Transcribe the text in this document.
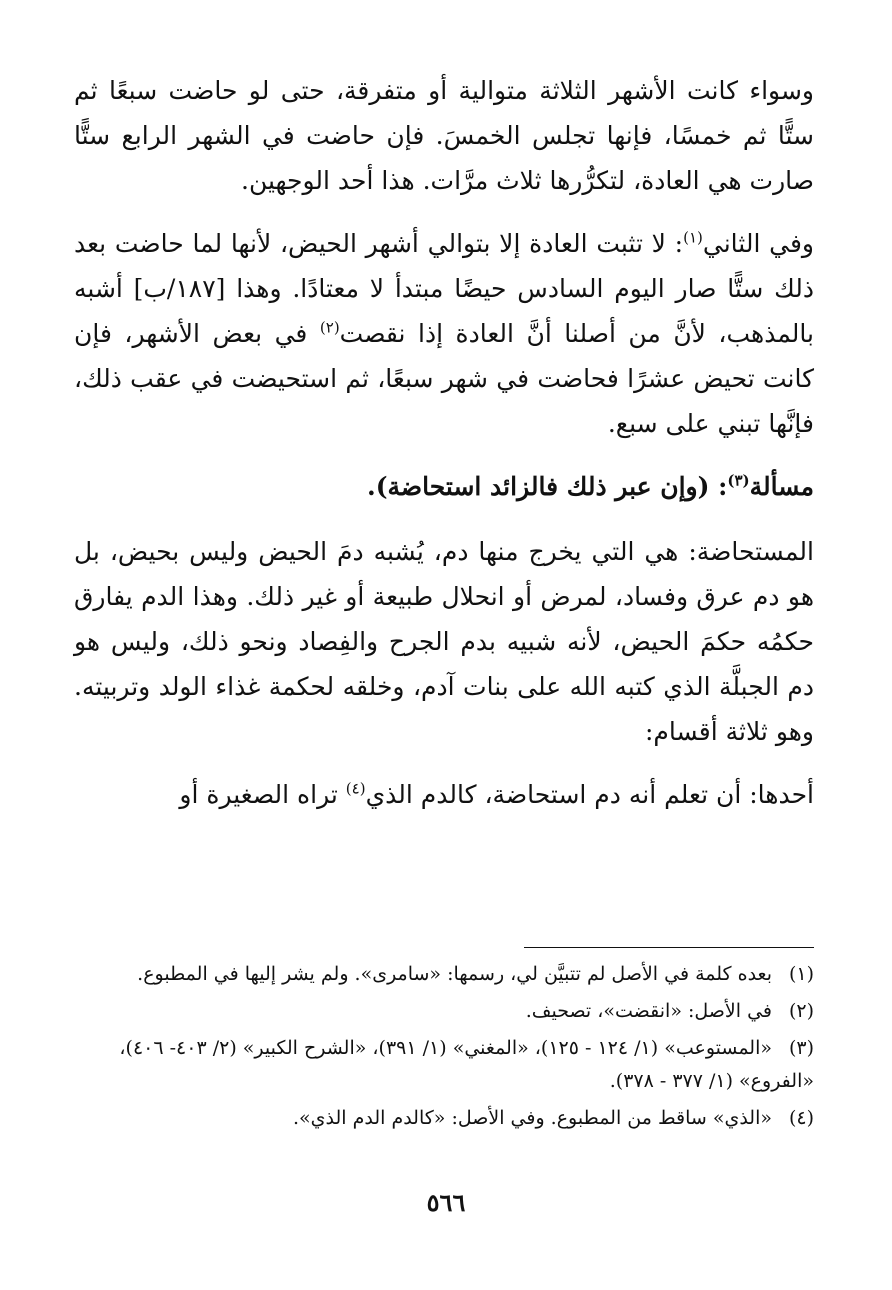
وسواء كانت الأشهر الثلاثة متوالية أو متفرقة، حتى لو حاضت سبعًا ثم ستًّا ثم خمسًا، فإنها تجلس الخمسَ. فإن حاضت في الشهر الرابع ستًّا صارت هي العادة، لتكرُّرها ثلاث مرَّات. هذا أحد الوجهين.

وفي الثاني$^{(١)}$: لا تثبت العادة إلا بتوالي أشهر الحيض، لأنها لما حاضت بعد ذلك ستًّا صار اليوم السادس حيضًا مبتدأ لا معتادًا. وهذا [١٨٧/ب] أشبه بالمذهب، لأنَّ من أصلنا أنَّ العادة إذا نقصت$^{(٢)}$ في بعض الأشهر، فإن كانت تحيض عشرًا فحاضت في شهر سبعًا، ثم استحيضت في عقب ذلك، فإنَّها تبني على سبع.

مسألة$^{(٣)}$: (وإن عبر ذلك فالزائد استحاضة).

المستحاضة: هي التي يخرج منها دم، يُشبه دمَ الحيض وليس بحيض، بل هو دم عرق وفساد، لمرض أو انحلال طبيعة أو غير ذلك. وهذا الدم يفارق حكمُه حكمَ الحيض، لأنه شبيه بدم الجرح والفِصاد ونحو ذلك، وليس هو دم الجبلَّة الذي كتبه الله على بنات آدم، وخلقه لحكمة غذاء الولد وتربيته. وهو ثلاثة أقسام:

أحدها: أن تعلم أنه دم استحاضة، كالدم الذي$^{(٤)}$ تراه الصغيرة أو

(١)بعده كلمة في الأصل لم تتبيَّن لي، رسمها: «سامرى». ولم يشر إليها في المطبوع.

(٢)في الأصل: «انقضت»، تصحيف.

(٣)«المستوعب» (١/ ١٢٤ - ١٢٥)، «المغني» (١/ ٣٩١)، «الشرح الكبير» (٢/ ٤٠٣- ٤٠٦)، «الفروع» (١/ ٣٧٧ - ٣٧٨).

(٤)«الذي» ساقط من المطبوع. وفي الأصل: «كالدم الدم الذي».

٥٦٦
